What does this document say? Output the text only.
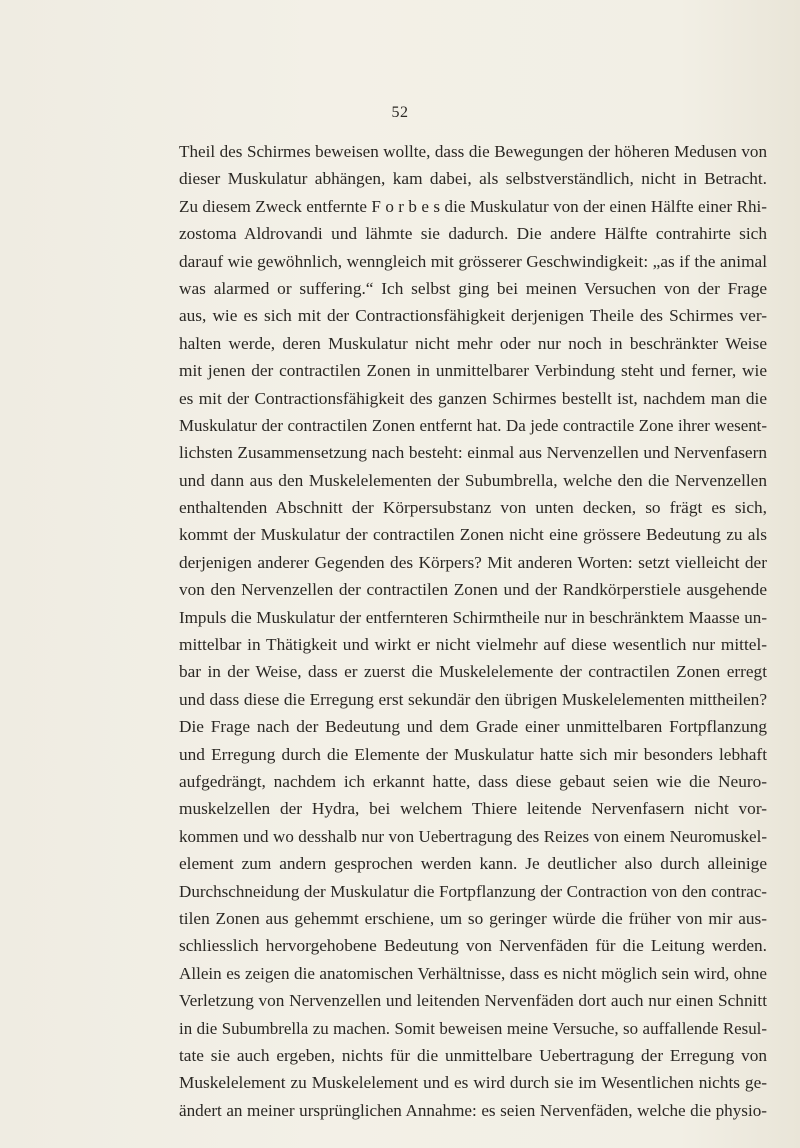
52
Theil des Schirmes beweisen wollte, dass die Bewegungen der höheren Medusen von
dieser Muskulatur abhängen, kam dabei, als selbstverständlich, nicht in Betracht.
Zu diesem Zweck entfernte F o r b e s die Muskulatur von der einen Hälfte einer Rhi-
zostoma Aldrovandi und lähmte sie dadurch. Die andere Hälfte contrahirte sich
darauf wie gewöhnlich, wenngleich mit grösserer Geschwindigkeit: „as if the animal
was alarmed or suffering.“ Ich selbst ging bei meinen Versuchen von der Frage
aus, wie es sich mit der Contractionsfähigkeit derjenigen Theile des Schirmes ver-
halten werde, deren Muskulatur nicht mehr oder nur noch in beschränkter Weise
mit jenen der contractilen Zonen in unmittelbarer Verbindung steht und ferner, wie
es mit der Contractionsfähigkeit des ganzen Schirmes bestellt ist, nachdem man die
Muskulatur der contractilen Zonen entfernt hat. Da jede contractile Zone ihrer wesent-
lichsten Zusammensetzung nach besteht: einmal aus Nervenzellen und Nervenfasern
und dann aus den Muskelelementen der Subumbrella, welche den die Nervenzellen
enthaltenden Abschnitt der Körpersubstanz von unten decken, so frägt es sich,
kommt der Muskulatur der contractilen Zonen nicht eine grössere Bedeutung zu als
derjenigen anderer Gegenden des Körpers? Mit anderen Worten: setzt vielleicht der
von den Nervenzellen der contractilen Zonen und der Randkörperstiele ausgehende
Impuls die Muskulatur der entfernteren Schirmtheile nur in beschränktem Maasse un-
mittelbar in Thätigkeit und wirkt er nicht vielmehr auf diese wesentlich nur mittel-
bar in der Weise, dass er zuerst die Muskelelemente der contractilen Zonen erregt
und dass diese die Erregung erst sekundär den übrigen Muskelelementen mittheilen?
Die Frage nach der Bedeutung und dem Grade einer unmittelbaren Fortpflanzung
und Erregung durch die Elemente der Muskulatur hatte sich mir besonders lebhaft
aufgedrängt, nachdem ich erkannt hatte, dass diese gebaut seien wie die Neuro-
muskelzellen der Hydra, bei welchem Thiere leitende Nervenfasern nicht vor-
kommen und wo desshalb nur von Uebertragung des Reizes von einem Neuromuskel-
element zum andern gesprochen werden kann. Je deutlicher also durch alleinige
Durchschneidung der Muskulatur die Fortpflanzung der Contraction von den contrac-
tilen Zonen aus gehemmt erschiene, um so geringer würde die früher von mir aus-
schliesslich hervorgehobene Bedeutung von Nervenfäden für die Leitung werden.
Allein es zeigen die anatomischen Verhältnisse, dass es nicht möglich sein wird, ohne
Verletzung von Nervenzellen und leitenden Nervenfäden dort auch nur einen Schnitt
in die Subumbrella zu machen. Somit beweisen meine Versuche, so auffallende Resul-
tate sie auch ergeben, nichts für die unmittelbare Uebertragung der Erregung von
Muskelelement zu Muskelelement und es wird durch sie im Wesentlichen nichts ge-
ändert an meiner ursprünglichen Annahme: es seien Nervenfäden, welche die physio-
